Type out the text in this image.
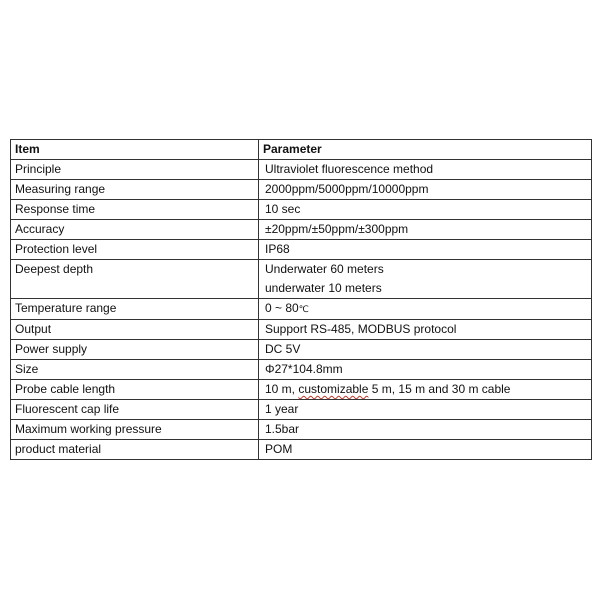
Item	Parameter
Principle	Ultraviolet fluorescence method
Measuring range	2000ppm/5000ppm/10000ppm
Response time	10 sec
Accuracy	±20ppm/±50ppm/±300ppm
Protection level	IP68
Deepest depth	Underwater 60 meters
underwater 10 meters

Temperature range	0 ~ 80℃
Output	Support RS-485, MODBUS protocol
Power supply	DC 5V
Size	Φ27*104.8mm
Probe cable length	10 m, customizable 5 m, 15 m and 30 m cable
Fluorescent cap life	1 year
Maximum working pressure	1.5bar
product material	POM
